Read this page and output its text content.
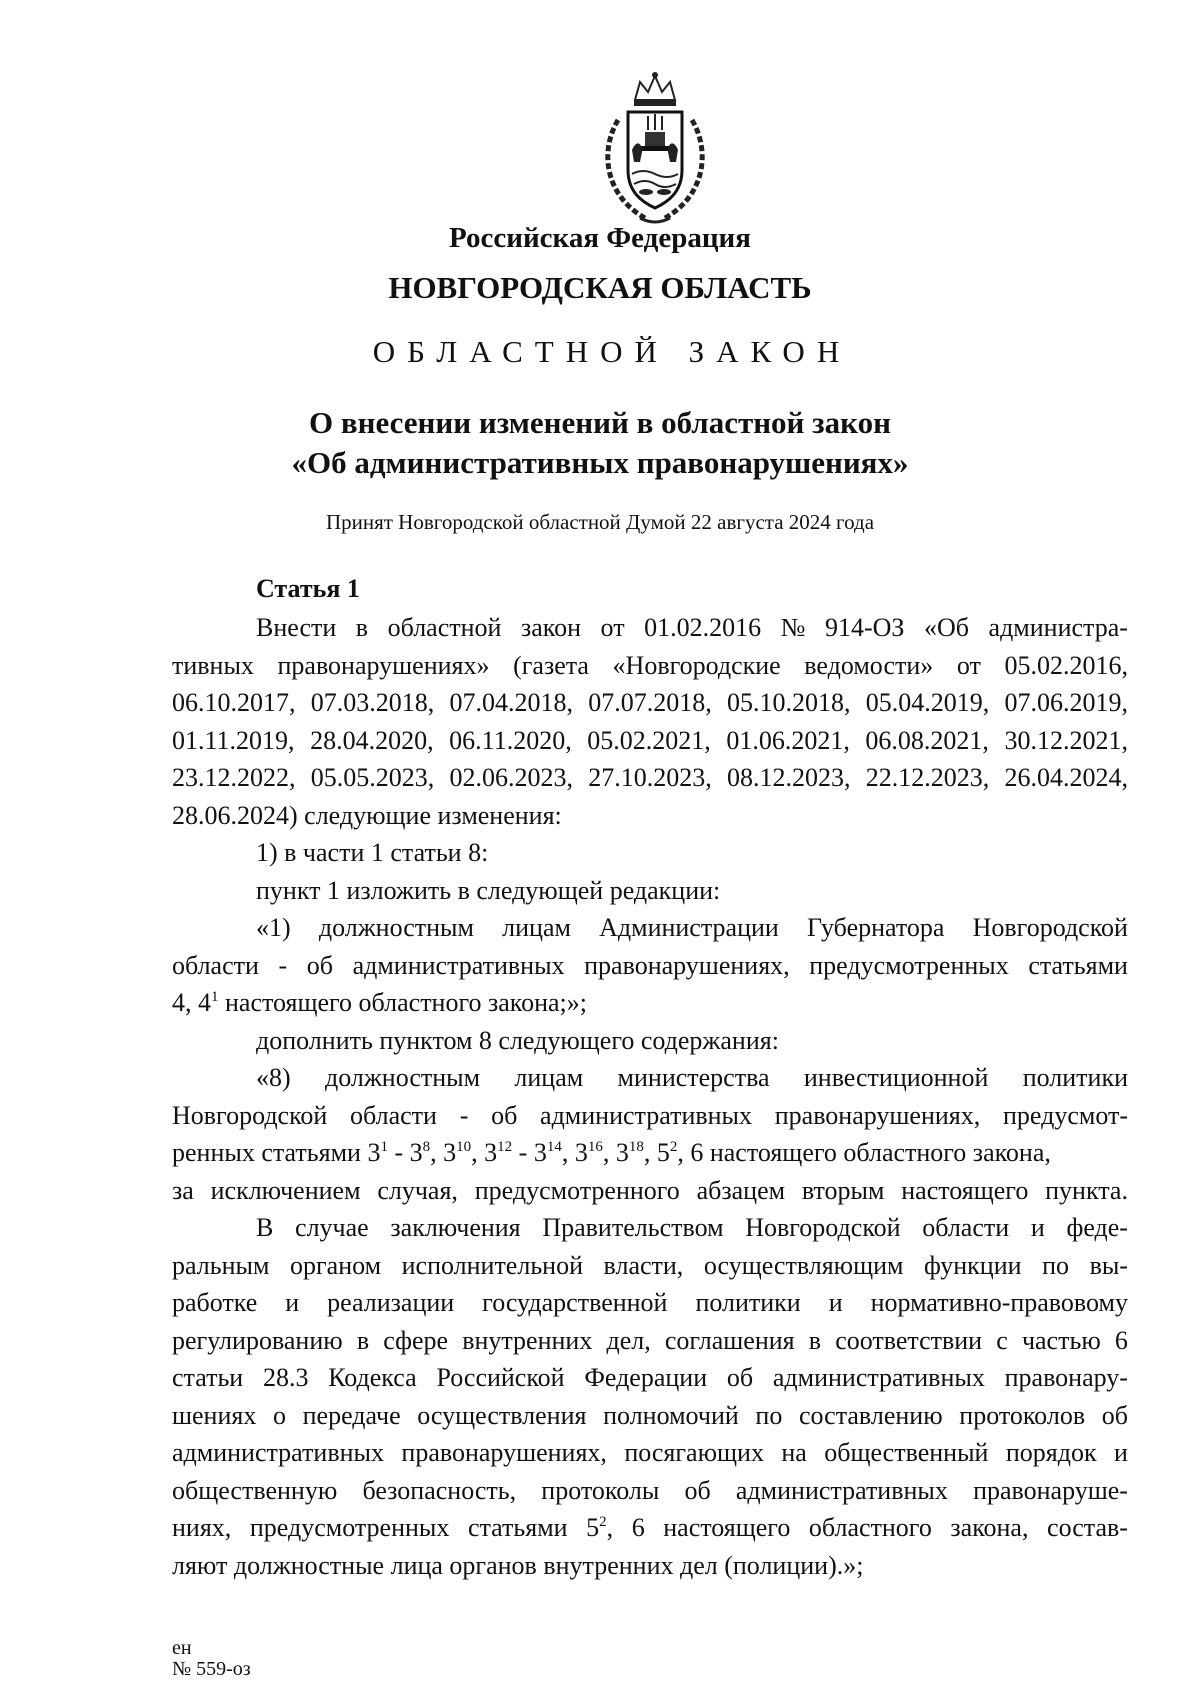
Российская Федерация
НОВГОРОДСКАЯ ОБЛАСТЬ
ОБЛАСТНОЙ ЗАКОН
О внесении изменений в областной закон
«Об административных правонарушениях»
Принят Новгородской областной Думой 22 августа 2024 года
Статья 1
Внести в областной закон от 01.02.2016 № 914-ОЗ «Об администра-
тивных правонарушениях» (газета «Новгородские ведомости» от 05.02.2016,
06.10.2017, 07.03.2018, 07.04.2018, 07.07.2018, 05.10.2018, 05.04.2019, 07.06.2019,
01.11.2019, 28.04.2020, 06.11.2020, 05.02.2021, 01.06.2021, 06.08.2021, 30.12.2021,
23.12.2022, 05.05.2023, 02.06.2023, 27.10.2023, 08.12.2023, 22.12.2023, 26.04.2024,
28.06.2024) следующие изменения:
1) в части 1 статьи 8:
пункт 1 изложить в следующей редакции:
«1) должностным лицам Администрации Губернатора Новгородской
области - об административных правонарушениях, предусмотренных статьями
4, $4^1$ настоящего областного закона;»;
дополнить пунктом 8 следующего содержания:
«8) должностным лицам министерства инвестиционной политики
Новгородской области - об административных правонарушениях, предусмот-
ренных статьями $3^1 - 3^8$, $3^{10}$, $3^{12} - 3^{14}$, $3^{16}$, $3^{18}$, $5^2$, 6 настоящего областного закона,
за исключением случая, предусмотренного абзацем вторым настоящего пункта.
В случае заключения Правительством Новгородской области и феде-
ральным органом исполнительной власти, осуществляющим функции по вы-
работке и реализации государственной политики и нормативно-правовому
регулированию в сфере внутренних дел, соглашения в соответствии с частью 6
статьи 28.3 Кодекса Российской Федерации об административных правонару-
шениях о передаче осуществления полномочий по составлению протоколов об
административных правонарушениях, посягающих на общественный порядок и
общественную безопасность, протоколы об административных правонаруше-
ниях, предусмотренных статьями $5^2$, 6 настоящего областного закона, состав-
ляют должностные лица органов внутренних дел (полиции).»;
ен
№ 559-оз
